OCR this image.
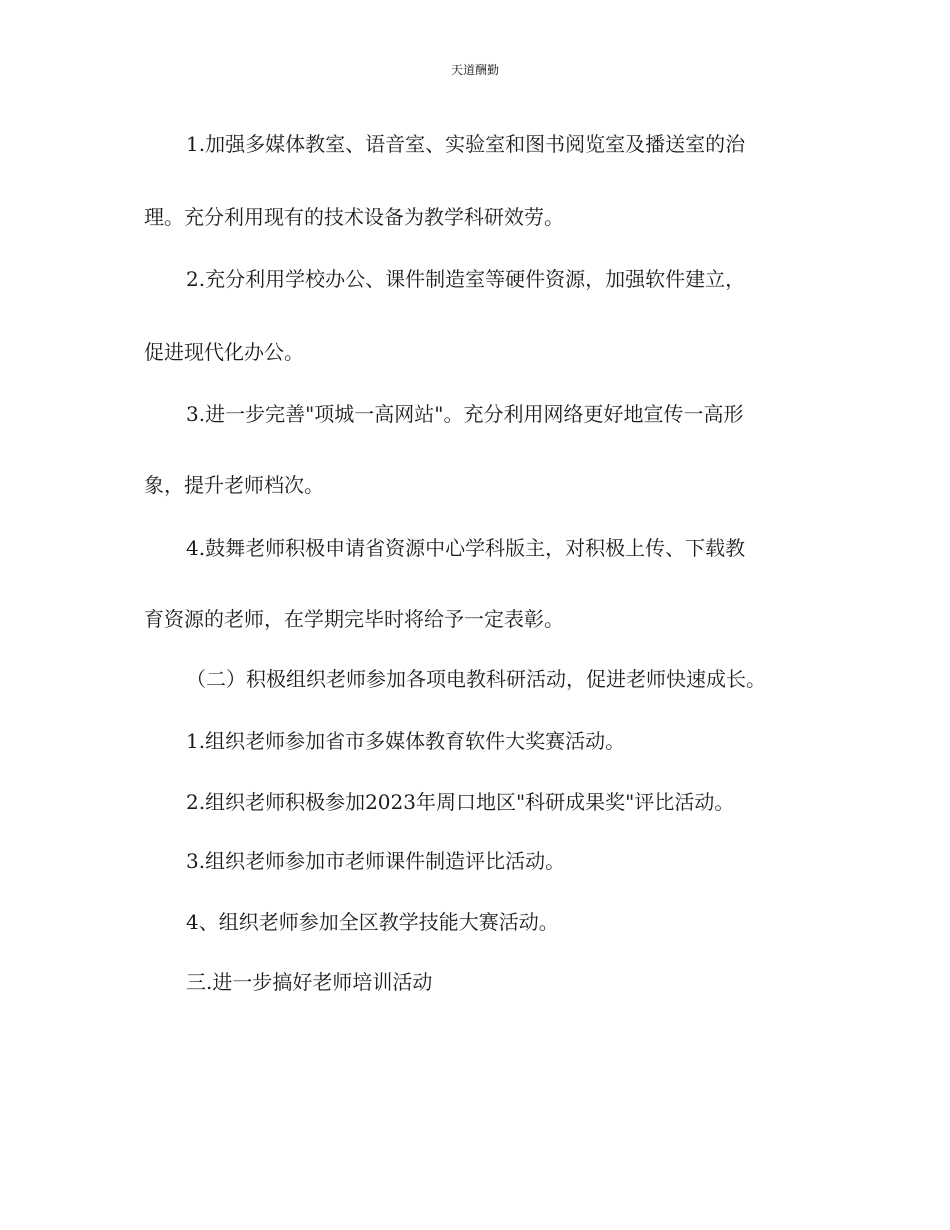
天道酬勤
1.加强多媒体教室、语音室、实验室和图书阅览室及播送室的治
理。充分利用现有的技术设备为教学科研效劳。
2.充分利用学校办公、课件制造室等硬件资源，加强软件建立，
促进现代化办公。
3.进一步完善"项城一高网站"。充分利用网络更好地宣传一高形
象，提升老师档次。
4.鼓舞老师积极申请省资源中心学科版主，对积极上传、下载教
育资源的老师，在学期完毕时将给予一定表彰。
（二）积极组织老师参加各项电教科研活动，促进老师快速成长。
1.组织老师参加省市多媒体教育软件大奖赛活动。
2.组织老师积极参加2023年周口地区"科研成果奖"评比活动。
3.组织老师参加市老师课件制造评比活动。
4、组织老师参加全区教学技能大赛活动。
三.进一步搞好老师培训活动
